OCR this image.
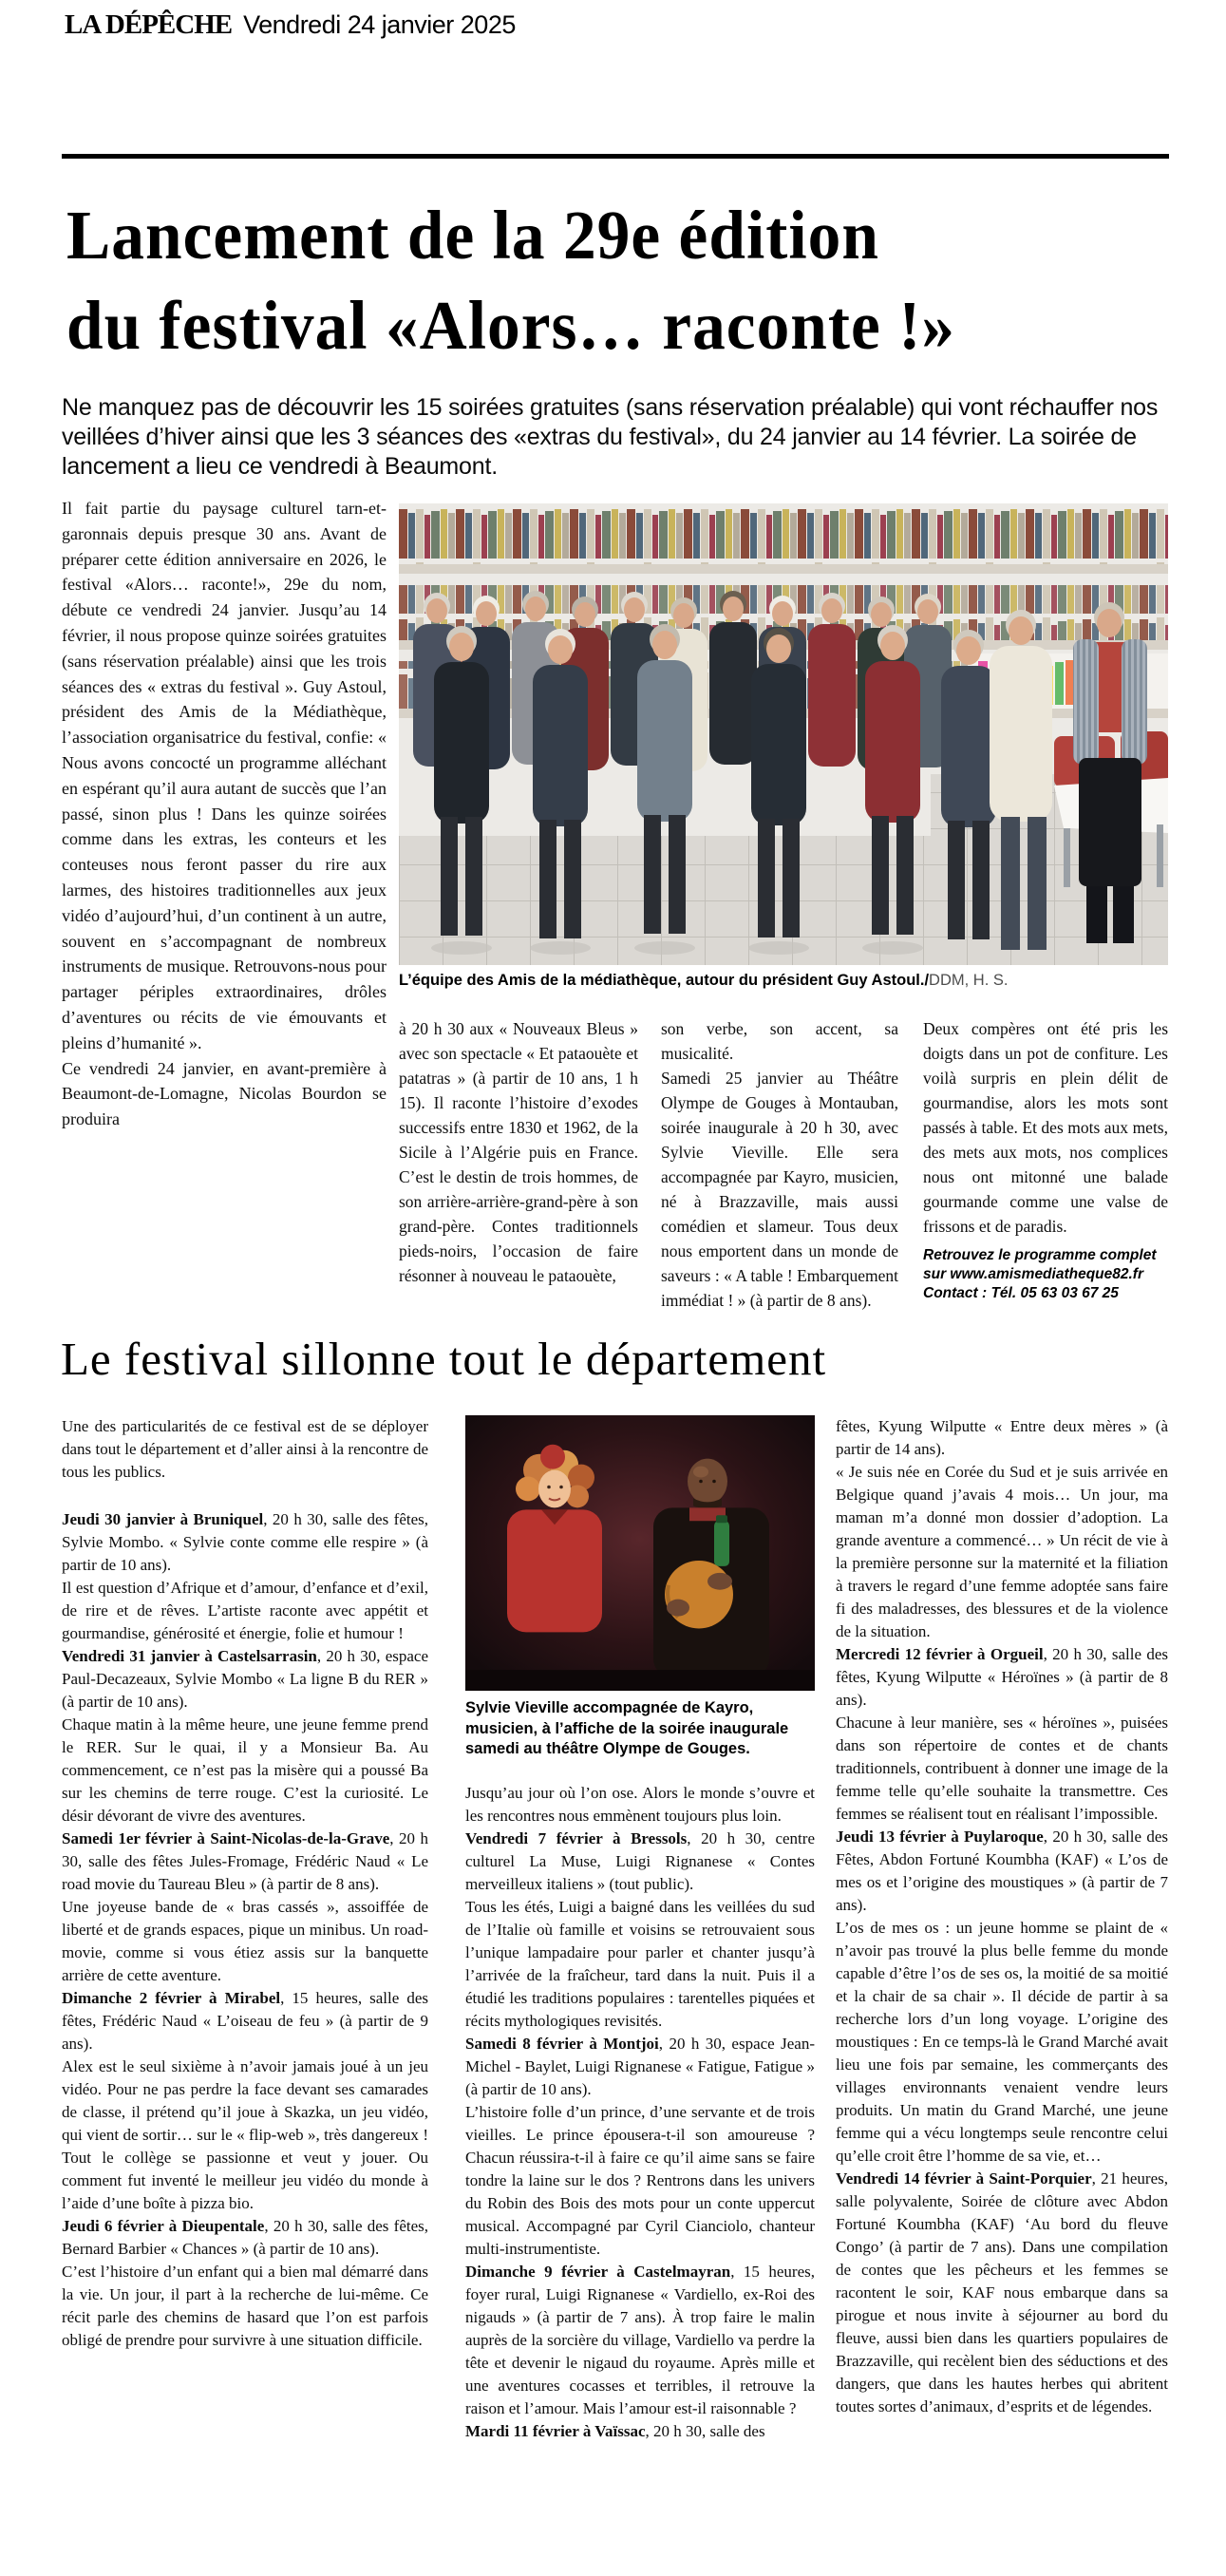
LA DÉPÊCHE Vendredi 24 janvier 2025
Lancement de la 29e édition
du festival «Alors… raconte !»

Ne manquez pas de découvrir les 15 soirées gratuites (sans réservation préalable) qui vont réchauffer nos veillées d’hiver ainsi que les 3 séances des «extras du festival», du 24 janvier au 14 février. La soirée de lancement a lieu ce vendredi à Beaumont.

Il fait partie du paysage culturel tarn-et-garonnais depuis presque 30 ans. Avant de préparer cette édition anniversaire en 2026, le festival «Alors… raconte!», 29e du nom, débute ce vendredi 24 janvier. Jusqu’au 14 février, il nous propose quinze soirées gratuites (sans réservation préalable) ainsi que les trois séances des « extras du festival ». Guy Astoul, président des Amis de la Médiathèque, l’association organisatrice du festival, confie: « Nous avons concocté un programme alléchant en espérant qu’il aura autant de succès que l’an passé, sinon plus ! Dans les quinze soirées comme dans les extras, les conteurs et les conteuses nous feront passer du rire aux larmes, des histoires traditionnelles aux jeux vidéo d’aujourd’hui, d’un continent à un autre, souvent en s’accompagnant de nombreux instruments de musique. Retrouvons-nous pour partager périples extraordinaires, drôles d’aventures ou récits de vie émouvants et pleins d’humanité ».

Ce vendredi 24 janvier, en avant-première à Beaumont-de-Lomagne, Nicolas Bourdon se produira

L’équipe des Amis de la médiathèque, autour du président Guy Astoul./DDM, H. S.

à 20 h 30 aux « Nouveaux Bleus » avec son spectacle « Et pataouète et patatras » (à partir de 10 ans, 1 h 15). Il raconte l’histoire d’exodes successifs entre 1830 et 1962, de la Sicile à l’Algérie puis en France. C’est le destin de trois hommes, de son arrière-arrière-grand-père à son grand-père. Contes traditionnels pieds-noirs, l’occasion de faire résonner à nouveau le pataouète,

son verbe, son accent, sa musicalité.

Samedi 25 janvier au Théâtre Olympe de Gouges à Montauban, soirée inaugurale à 20 h 30, avec Sylvie Vieville. Elle sera accompagnée par Kayro, musicien, né à Brazzaville, mais aussi comédien et slameur. Tous deux nous emportent dans un monde de saveurs : « A table ! Embarquement immédiat ! » (à partir de 8 ans).

Deux compères ont été pris les doigts dans un pot de confiture. Les voilà surpris en plein délit de gourmandise, alors les mots sont passés à table. Et des mots aux mets, des mets aux mots, nos complices nous ont mitonné une balade gourmande comme une valse de frissons et de paradis.

Retrouvez le programme complet sur www.amismediatheque82.fr
Contact : Tél. 05 63 03 67 25

Le festival sillonne tout le département

Une des particularités de ce festival est de se déployer dans tout le département et d’aller ainsi à la rencontre de tous les publics.

Jeudi 30 janvier à Bruniquel, 20 h 30, salle des fêtes, Sylvie Mombo. « Sylvie conte comme elle respire » (à partir de 10 ans).

Il est question d’Afrique et d’amour, d’enfance et d’exil, de rire et de rêves. L’artiste raconte avec appétit et gourmandise, générosité et énergie, folie et humour !

Vendredi 31 janvier à Castelsarrasin, 20 h 30, espace Paul-Decazeaux, Sylvie Mombo « La ligne B du RER » (à partir de 10 ans).

Chaque matin à la même heure, une jeune femme prend le RER. Sur le quai, il y a Monsieur Ba. Au commencement, ce n’est pas la misère qui a poussé Ba sur les chemins de terre rouge. C’est la curiosité. Le désir dévorant de vivre des aventures.

Samedi 1er février à Saint-Nicolas-de-la-Grave, 20 h 30, salle des fêtes Jules-Fromage, Frédéric Naud « Le road movie du Taureau Bleu » (à partir de 8 ans).

Une joyeuse bande de « bras cassés », assoiffée de liberté et de grands espaces, pique un minibus. Un road-movie, comme si vous étiez assis sur la banquette arrière de cette aventure.

Dimanche 2 février à Mirabel, 15 heures, salle des fêtes, Frédéric Naud « L’oiseau de feu » (à partir de 9 ans).

Alex est le seul sixième à n’avoir jamais joué à un jeu vidéo. Pour ne pas perdre la face devant ses camarades de classe, il prétend qu’il joue à Skazka, un jeu vidéo, qui vient de sortir… sur le « flip-web », très dangereux ! Tout le collège se passionne et veut y jouer. Ou comment fut inventé le meilleur jeu vidéo du monde à l’aide d’une boîte à pizza bio.

Jeudi 6 février à Dieupentale, 20 h 30, salle des fêtes, Bernard Barbier « Chances » (à partir de 10 ans).

C’est l’histoire d’un enfant qui a bien mal démarré dans la vie. Un jour, il part à la recherche de lui-même. Ce récit parle des chemins de hasard que l’on est parfois obligé de prendre pour survivre à une situation difficile.

Sylvie Vieville accompagnée de Kayro, musicien, à l’affiche de la soirée inaugurale samedi au théâtre Olympe de Gouges.

Jusqu’au jour où l’on ose. Alors le monde s’ouvre et les rencontres nous emmènent toujours plus loin.

Vendredi 7 février à Bressols, 20 h 30, centre culturel La Muse, Luigi Rignanese « Contes merveilleux italiens » (tout public).

Tous les étés, Luigi a baigné dans les veillées du sud de l’Italie où famille et voisins se retrouvaient sous l’unique lampadaire pour parler et chanter jusqu’à l’arrivée de la fraîcheur, tard dans la nuit. Puis il a étudié les traditions populaires : tarentelles piquées et récits mythologiques revisités.

Samedi 8 février à Montjoi, 20 h 30, espace Jean-Michel - Baylet, Luigi Rignanese « Fatigue, Fatigue » (à partir de 10 ans).

L’histoire folle d’un prince, d’une servante et de trois vieilles. Le prince épousera-t-il son amoureuse ? Chacun réussira-t-il à faire ce qu’il aime sans se faire tondre la laine sur le dos ? Rentrons dans les univers du Robin des Bois des mots pour un conte uppercut musical. Accompagné par Cyril Cianciolo, chanteur multi-instrumentiste.

Dimanche 9 février à Castelmayran, 15 heures, foyer rural, Luigi Rignanese « Vardiello, ex-Roi des nigauds » (à partir de 7 ans). À trop faire le malin auprès de la sorcière du village, Vardiello va perdre la tête et devenir le nigaud du royaume. Après mille et une aventures cocasses et terribles, il retrouve la raison et l’amour. Mais l’amour est-il raisonnable ?

Mardi 11 février à Vaïssac, 20 h 30, salle des

fêtes, Kyung Wilputte « Entre deux mères » (à partir de 14 ans).

« Je suis née en Corée du Sud et je suis arrivée en Belgique quand j’avais 4 mois… Un jour, ma maman m’a donné mon dossier d’adoption. La grande aventure a commencé… » Un récit de vie à la première personne sur la maternité et la filiation à travers le regard d’une femme adoptée sans faire fi des maladresses, des blessures et de la violence de la situation.

Mercredi 12 février à Orgueil, 20 h 30, salle des fêtes, Kyung Wilputte « Héroïnes » (à partir de 8 ans).

Chacune à leur manière, ses « héroïnes », puisées dans son répertoire de contes et de chants traditionnels, contribuent à donner une image de la femme telle qu’elle souhaite la transmettre. Ces femmes se réalisent tout en réalisant l’impossible.

Jeudi 13 février à Puylaroque, 20 h 30, salle des Fêtes, Abdon Fortuné Koumbha (KAF) « L’os de mes os et l’origine des moustiques » (à partir de 7 ans).

L’os de mes os : un jeune homme se plaint de « n’avoir pas trouvé la plus belle femme du monde capable d’être l’os de ses os, la moitié de sa moitié et la chair de sa chair ». Il décide de partir à sa recherche lors d’un long voyage. L’origine des moustiques : En ce temps-là le Grand Marché avait lieu une fois par semaine, les commerçants des villages environnants venaient vendre leurs produits. Un matin du Grand Marché, une jeune femme qui a vécu longtemps seule rencontre celui qu’elle croit être l’homme de sa vie, et…

Vendredi 14 février à Saint-Porquier, 21 heures, salle polyvalente, Soirée de clôture avec Abdon Fortuné Koumbha (KAF) ‘Au bord du fleuve Congo’ (à partir de 7 ans). Dans une compilation de contes que les pêcheurs et les femmes se racontent le soir, KAF nous embarque dans sa pirogue et nous invite à séjourner au bord du fleuve, aussi bien dans les quartiers populaires de Brazzaville, qui recèlent bien des séductions et des dangers, que dans les hautes herbes qui abritent toutes sortes d’animaux, d’esprits et de légendes.
